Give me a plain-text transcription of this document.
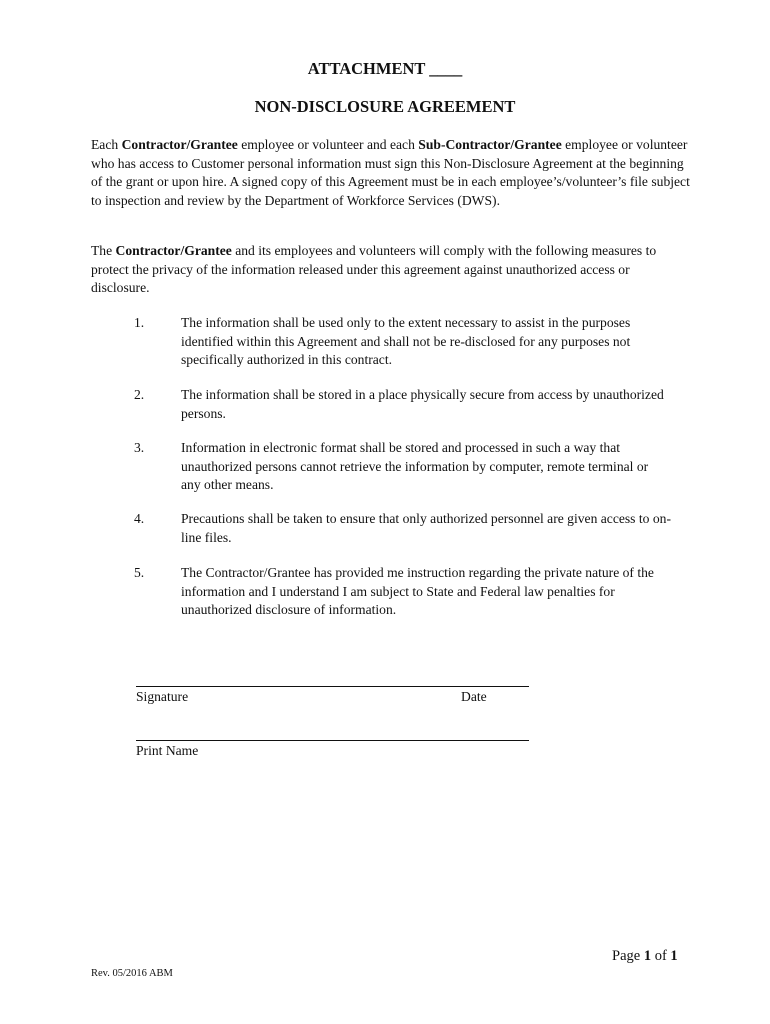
ATTACHMENT ____
NON-DISCLOSURE AGREEMENT
Each Contractor/Grantee employee or volunteer and each Sub-Contractor/Grantee employee or volunteer who has access to Customer personal information must sign this Non-Disclosure Agreement at the beginning of the grant or upon hire. A signed copy of this Agreement must be in each employee’s/volunteer’s file subject to inspection and review by the Department of Workforce Services (DWS).
The Contractor/Grantee and its employees and volunteers will comply with the following measures to protect the privacy of the information released under this agreement against unauthorized access or disclosure.
1.	The information shall be used only to the extent necessary to assist in the purposes identified within this Agreement and shall not be re-disclosed for any purposes not specifically authorized in this contract.
2.	The information shall be stored in a place physically secure from access by unauthorized persons.
3.	Information in electronic format shall be stored and processed in such a way that unauthorized persons cannot retrieve the information by computer, remote terminal or any other means.
4.	Precautions shall be taken to ensure that only authorized personnel are given access to on-line files.
5.	The Contractor/Grantee has provided me instruction regarding the private nature of the information and I understand I am subject to State and Federal law penalties for unauthorized disclosure of information.
Signature	Date
Print Name
Page 1 of 1
Rev. 05/2016 ABM
